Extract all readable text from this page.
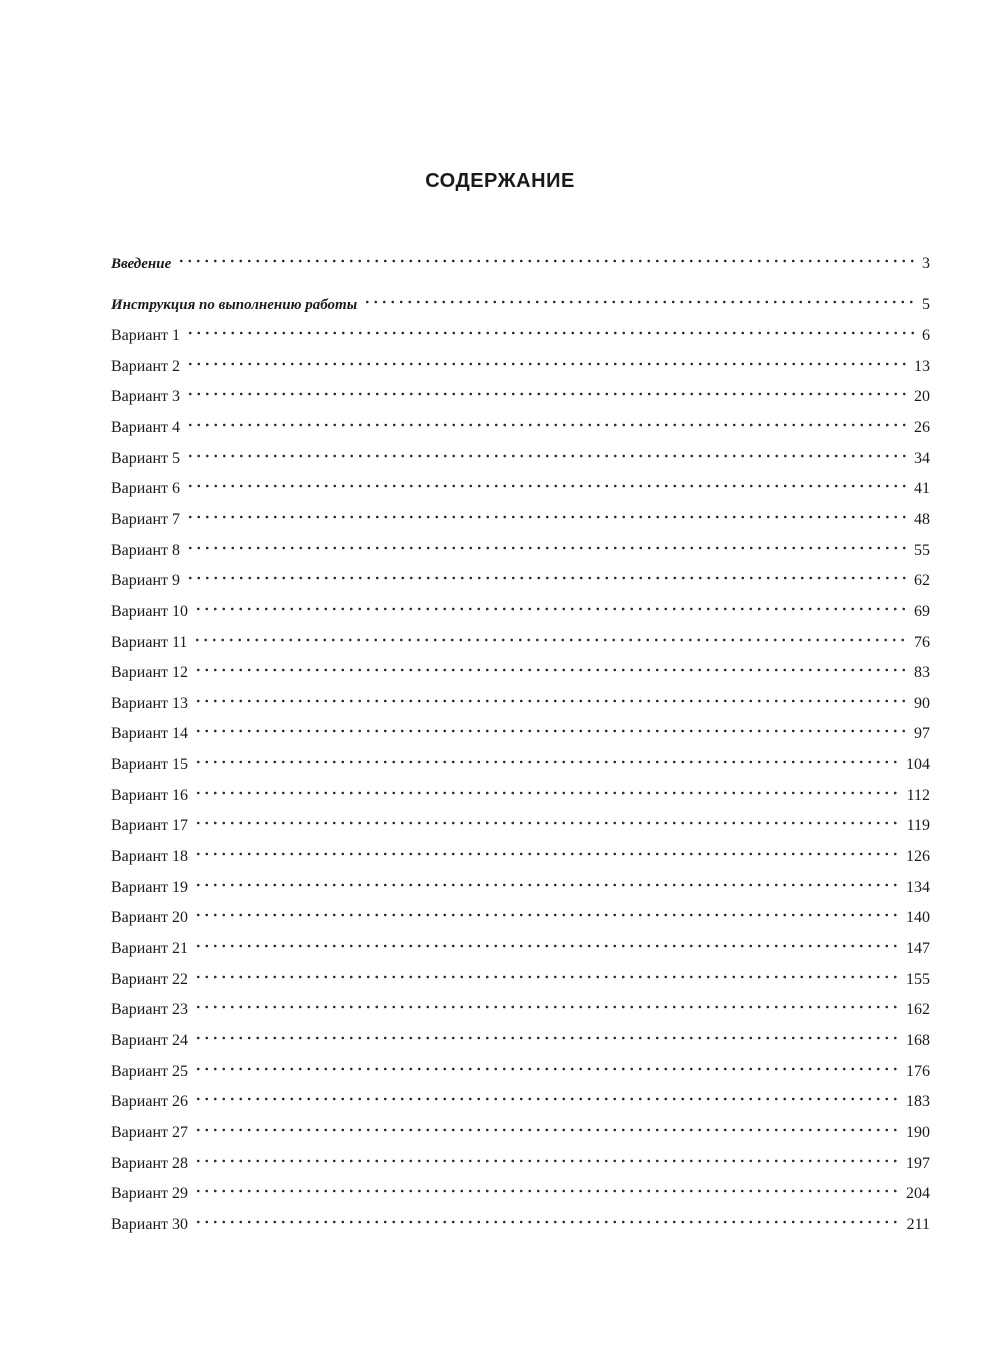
СОДЕРЖАНИЕ
Введение	3
Инструкция по выполнению работы	5
Вариант 1	6
Вариант 2	13
Вариант 3	20
Вариант 4	26
Вариант 5	34
Вариант 6	41
Вариант 7	48
Вариант 8	55
Вариант 9	62
Вариант 10	69
Вариант 11	76
Вариант 12	83
Вариант 13	90
Вариант 14	97
Вариант 15	104
Вариант 16	112
Вариант 17	119
Вариант 18	126
Вариант 19	134
Вариант 20	140
Вариант 21	147
Вариант 22	155
Вариант 23	162
Вариант 24	168
Вариант 25	176
Вариант 26	183
Вариант 27	190
Вариант 28	197
Вариант 29	204
Вариант 30	211
